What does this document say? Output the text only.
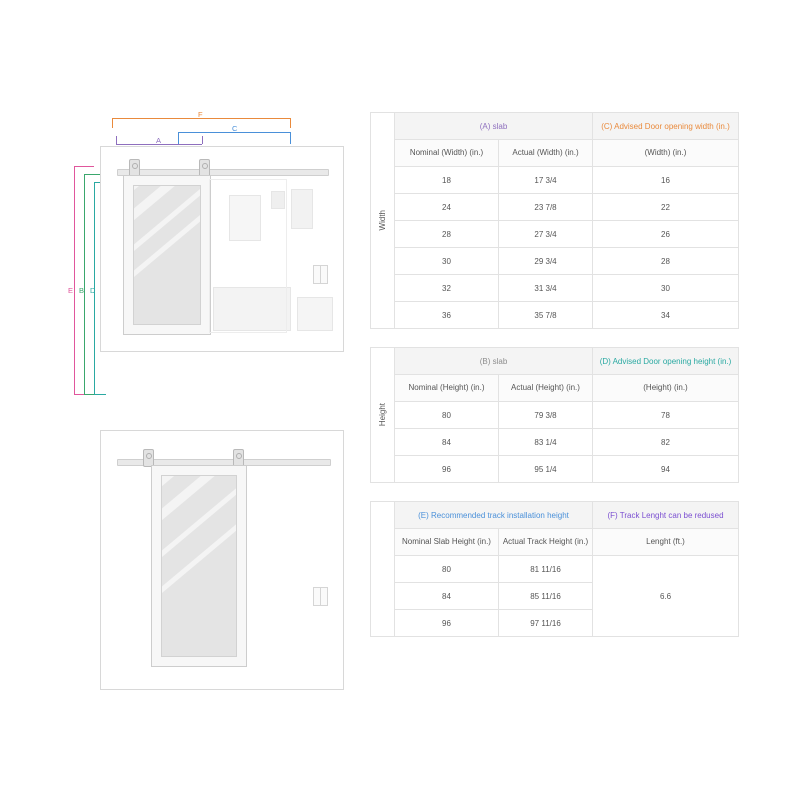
F
C
A
E B D
Width	(A) slab		(C) Advised Door opening width (in.)
	Nominal (Width) (in.)	Actual (Width) (in.)	(Width) (in.)
	18	17 3/4	16
	24	23 7/8	22
	28	27 3/4	26
	30	29 3/4	28
	32	31 3/4	30
	36	35 7/8	34
Height	(B) slab		(D) Advised Door opening height (in.)
	Nominal (Height) (in.)	Actual (Height) (in.)	(Height) (in.)
	80	79 3/8	78
	84	83 1/4	82
	96	95 1/4	94
	(E) Recommended track installation height		(F) Track Lenght can be redused
	Nominal Slab Height (in.)	Actual Track Height (in.)	Lenght (ft.)
	80	81 11/16	6.6
	84	85 11/16	
	96	97 11/16	
